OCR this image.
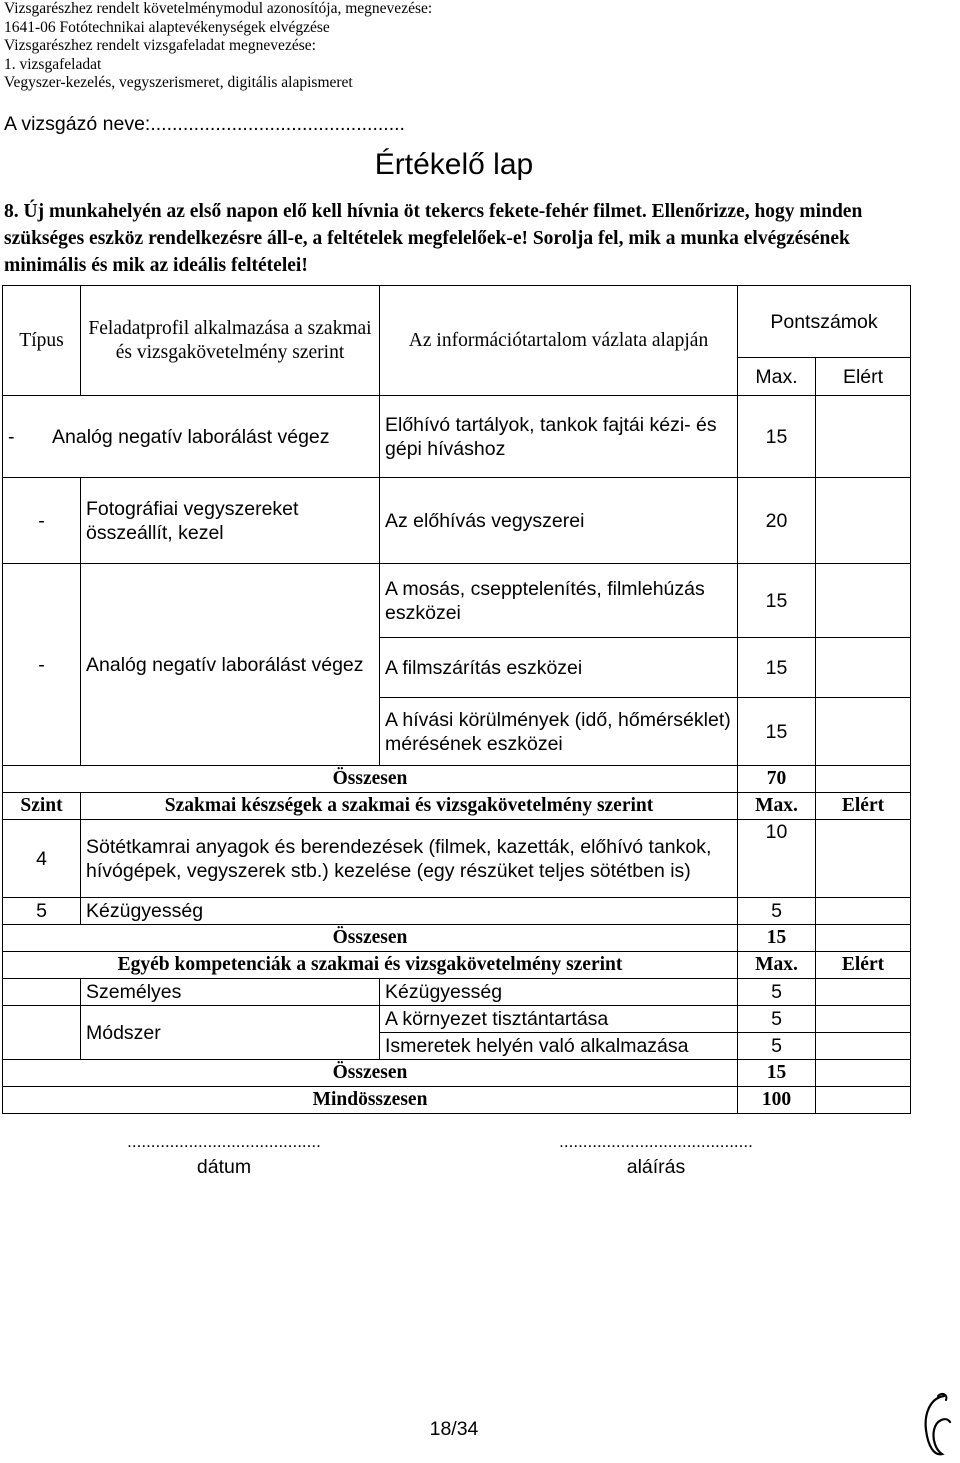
Vizsgarészhez rendelt követelménymodul azonosítója, megnevezése:
1641-06 Fotótechnikai alaptevékenységek elvégzése
Vizsgarészhez rendelt vizsgafeladat megnevezése:
1. vizsgafeladat
Vegyszer-kezelés, vegyszerismeret, digitális alapismeret
A vizsgázó neve:...............................................
Értékelő lap
8. Új munkahelyén az első napon elő kell hívnia öt tekercs fekete-fehér filmet. Ellenőrizze, hogy minden szükséges eszköz rendelkezésre áll-e, a feltételek megfelelőek-e! Sorolja fel, mik a munka elvégzésének minimális és mik az ideális feltételei!
Típus	Feladatprofil alkalmazása a szakmai és vizsgakövetelmény szerint	Az információtartalom vázlata alapján	Pontszámok	
			Max.	Elért
- Analóg negatív laborálást végez		Előhívó tartályok, tankok fajtái kézi- és gépi híváshoz	15	
-	Fotográfiai vegyszereket összeállít, kezel	Az előhívás vegyszerei	20	
-	Analóg negatív laborálást végez	A mosás, csepptelenítés, filmlehúzás eszközei	15	
		A filmszárítás eszközei	15	
		A hívási körülmények (idő, hőmérséklet) mérésének eszközei	15	
Összesen			70	
Szint	Szakmai készségek a szakmai és vizsgakövetelmény szerint		Max.	Elért
4	Sötétkamrai anyagok és berendezések (filmek, kazetták, előhívó tankok, hívógépek, vegyszerek stb.) kezelése (egy részüket teljes sötétben is)		10	
5	Kézügyesség		5	
Összesen			15	
Egyéb kompetenciák a szakmai és vizsgakövetelmény szerint			Max.	Elért
	Személyes	Kézügyesség	5	
	Módszer	A környezet tisztántartása	5	
		Ismeretek helyén való alkalmazása	5	
Összesen			15	
Mindösszesen			100	
.........................................
dátum
.........................................
aláírás
18/34
